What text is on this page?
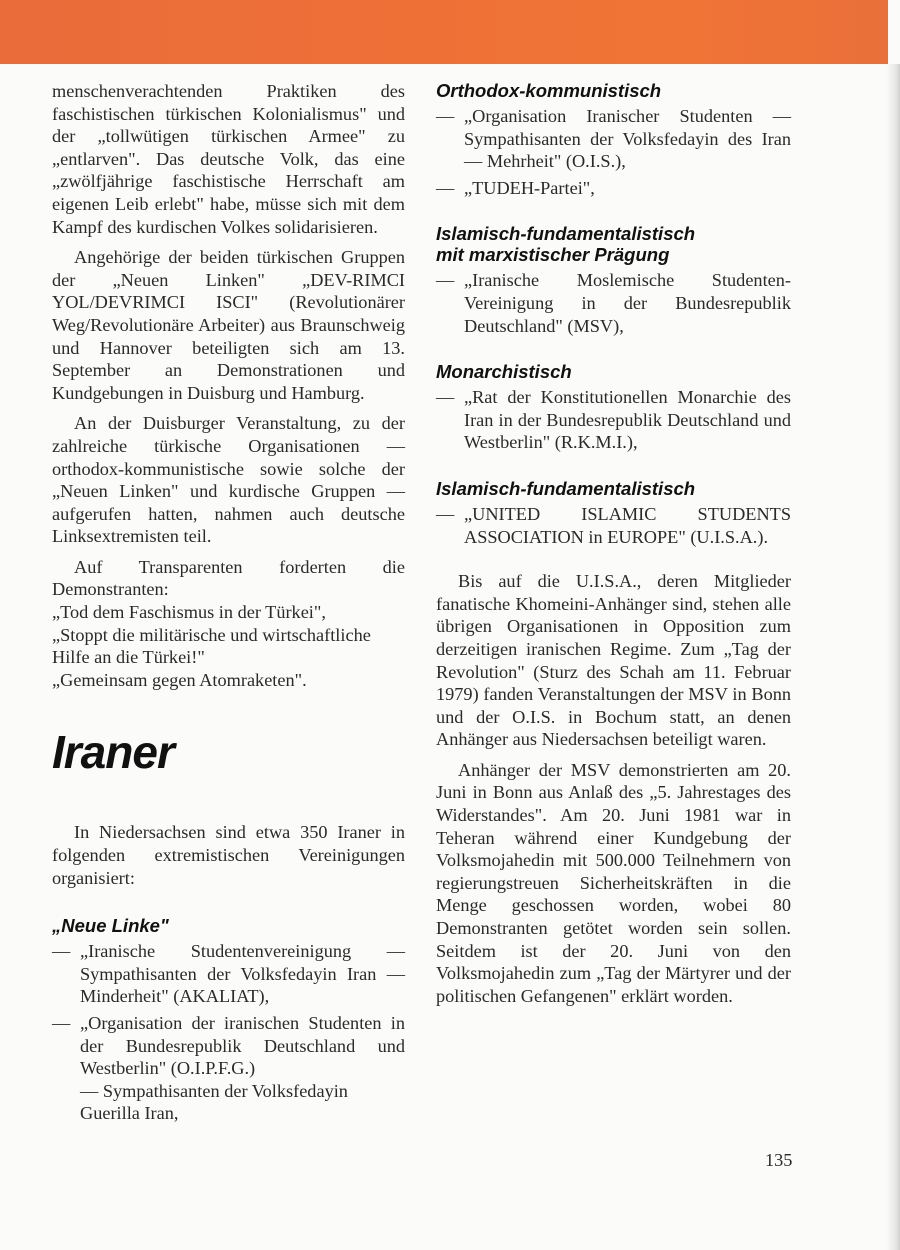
menschenverachtenden Praktiken des faschistischen türkischen Kolonialismus" und der „tollwütigen türkischen Armee" zu „entlarven". Das deutsche Volk, das eine „zwölfjährige faschistische Herrschaft am eigenen Leib erlebt" habe, müsse sich mit dem Kampf des kurdischen Volkes solidarisieren.

Angehörige der beiden türkischen Gruppen der „Neuen Linken" „DEV-RIMCI YOL/DEVRIMCI ISCI" (Revolutionärer Weg/Revolutionäre Arbeiter) aus Braunschweig und Hannover beteiligten sich am 13. September an Demonstrationen und Kundgebungen in Duisburg und Hamburg.

An der Duisburger Veranstaltung, zu der zahlreiche türkische Organisationen — orthodox-kommunistische sowie solche der „Neuen Linken" und kurdische Gruppen — aufgerufen hatten, nahmen auch deutsche Linksextremisten teil.

Auf Transparenten forderten die Demonstranten:

„Tod dem Faschismus in der Türkei",

„Stoppt die militärische und wirtschaftliche Hilfe an die Türkei!"

„Gemeinsam gegen Atomraketen".

Iraner

In Niedersachsen sind etwa 350 Iraner in folgenden extremistischen Vereinigungen organisiert:

„Neue Linke"
— „Iranische Studentenvereinigung — Sympathisanten der Volksfedayin Iran — Minderheit" (AKALIAT),
— „Organisation der iranischen Studenten in der Bundesrepublik Deutschland und Westberlin" (O.I.P.F.G.)
— Sympathisanten der Volksfedayin Guerilla Iran,
Orthodox-kommunistisch
— „Organisation Iranischer Studenten — Sympathisanten der Volksfedayin des Iran — Mehrheit" (O.I.S.),
— „TUDEH-Partei",
Islamisch-fundamentalistisch
mit marxistischer Prägung
— „Iranische Moslemische Studenten-Vereinigung in der Bundesrepublik Deutschland" (MSV),
Monarchistisch
— „Rat der Konstitutionellen Monarchie des Iran in der Bundesrepublik Deutschland und Westberlin" (R.K.M.I.),
Islamisch-fundamentalistisch
— „UNITED ISLAMIC STUDENTS ASSOCIATION in EUROPE" (U.I.S.A.).

Bis auf die U.I.S.A., deren Mitglieder fanatische Khomeini-Anhänger sind, stehen alle übrigen Organisationen in Opposition zum derzeitigen iranischen Regime. Zum „Tag der Revolution" (Sturz des Schah am 11. Februar 1979) fanden Veranstaltungen der MSV in Bonn und der O.I.S. in Bochum statt, an denen Anhänger aus Niedersachsen beteiligt waren.

Anhänger der MSV demonstrierten am 20. Juni in Bonn aus Anlaß des „5. Jahrestages des Widerstandes". Am 20. Juni 1981 war in Teheran während einer Kundgebung der Volksmojahedin mit 500.000 Teilnehmern von regierungstreuen Sicherheitskräften in die Menge geschossen worden, wobei 80 Demonstranten getötet worden sein sollen. Seitdem ist der 20. Juni von den Volksmojahedin zum „Tag der Märtyrer und der politischen Gefangenen" erklärt worden.

135
